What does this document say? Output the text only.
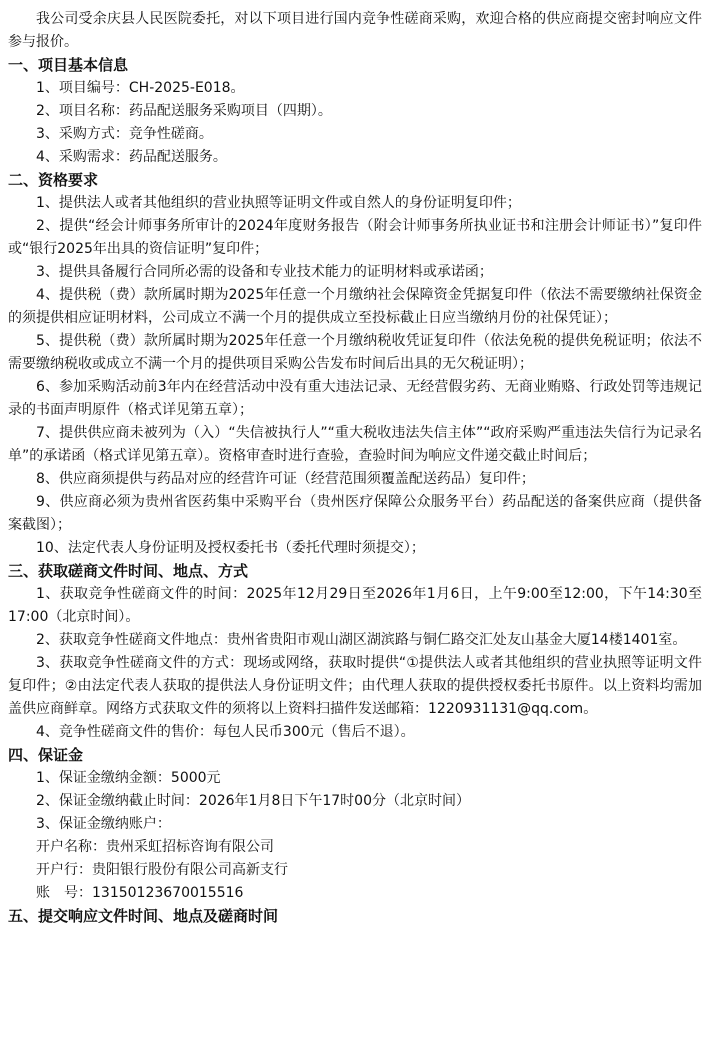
我公司受余庆县人民医院委托，对以下项目进行国内竞争性磋商采购，欢迎合格的供应商提交密封响应文件参与报价。

一、项目基本信息

1、项目编号：CH-2025-E018。

2、项目名称：药品配送服务采购项目（四期）。

3、采购方式：竞争性磋商。

4、采购需求：药品配送服务。

二、资格要求

1、提供法人或者其他组织的营业执照等证明文件或自然人的身份证明复印件；

2、提供“经会计师事务所审计的2024年度财务报告（附会计师事务所执业证书和注册会计师证书）”复印件或“银行2025年出具的资信证明”复印件；

3、提供具备履行合同所必需的设备和专业技术能力的证明材料或承诺函；

4、提供税（费）款所属时期为2025年任意一个月缴纳社会保障资金凭据复印件（依法不需要缴纳社保资金的须提供相应证明材料，公司成立不满一个月的提供成立至投标截止日应当缴纳月份的社保凭证）；

5、提供税（费）款所属时期为2025年任意一个月缴纳税收凭证复印件（依法免税的提供免税证明；依法不需要缴纳税收或成立不满一个月的提供项目采购公告发布时间后出具的无欠税证明）；

6、参加采购活动前3年内在经营活动中没有重大违法记录、无经营假劣药、无商业贿赂、行政处罚等违规记录的书面声明原件（格式详见第五章）；

7、提供供应商未被列为（入）“失信被执行人”“重大税收违法失信主体”“政府采购严重违法失信行为记录名单”的承诺函（格式详见第五章）。资格审查时进行查验，查验时间为响应文件递交截止时间后；

8、供应商须提供与药品对应的经营许可证（经营范围须覆盖配送药品）复印件；

9、供应商必须为贵州省医药集中采购平台（贵州医疗保障公众服务平台）药品配送的备案供应商（提供备案截图）；

10、法定代表人身份证明及授权委托书（委托代理时须提交）；

三、获取磋商文件时间、地点、方式

1、获取竞争性磋商文件的时间：2025年12月29日至2026年1月6日，上午9:00至12:00，下午14:30至17:00（北京时间）。

2、获取竞争性磋商文件地点：贵州省贵阳市观山湖区湖滨路与铜仁路交汇处友山基金大厦14楼1401室。

3、获取竞争性磋商文件的方式：现场或网络，获取时提供“①提供法人或者其他组织的营业执照等证明文件复印件；②由法定代表人获取的提供法人身份证明文件；由代理人获取的提供授权委托书原件。以上资料均需加盖供应商鲜章。网络方式获取文件的须将以上资料扫描件发送邮箱：1220931131@qq.com。

4、竞争性磋商文件的售价：每包人民币300元（售后不退）。

四、保证金

1、保证金缴纳金额：5000元

2、保证金缴纳截止时间：2026年1月8日下午17时00分（北京时间）

3、保证金缴纳账户：

开户名称：贵州采虹招标咨询有限公司

开户行：贵阳银行股份有限公司高新支行

账　号：13150123670015516

五、提交响应文件时间、地点及磋商时间
